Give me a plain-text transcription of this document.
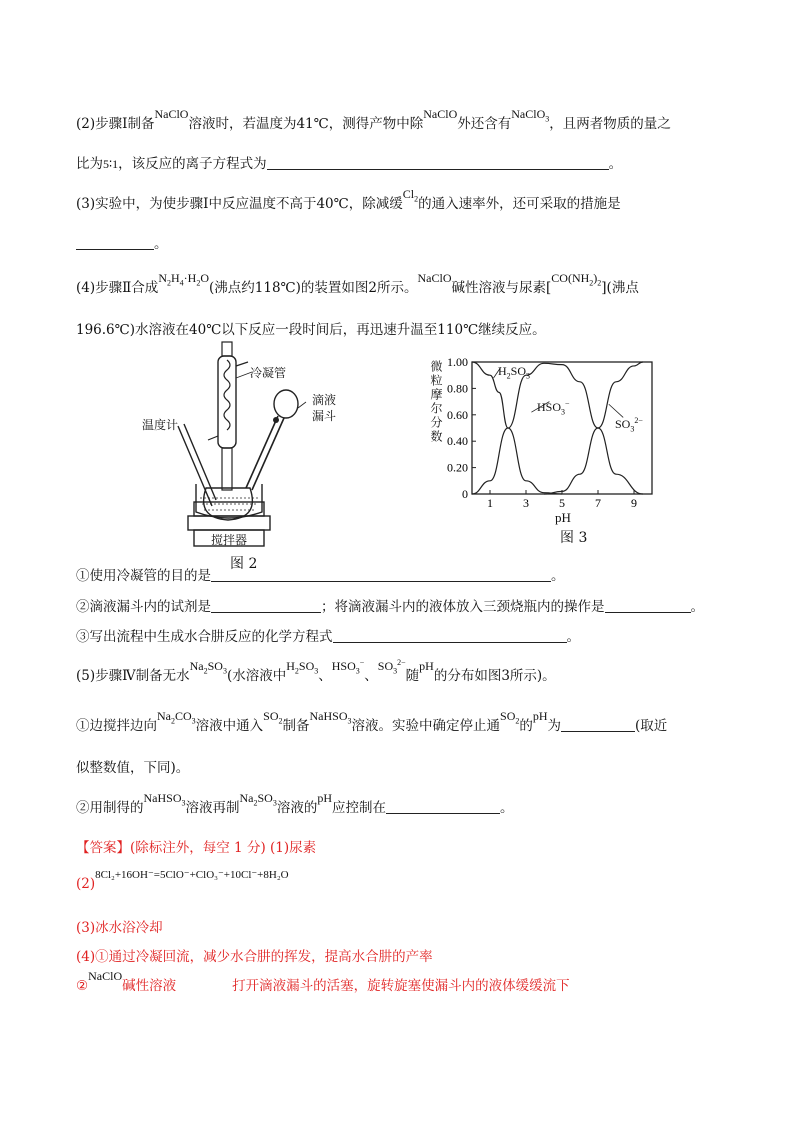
(2)步骤Ⅰ制备NaClO溶液时，若温度为41℃，测得产物中除NaClO外还含有NaClO$_3$，且两者物质的量之
比为5∶1，该反应的离子方程式为	。
(3)实验中，为使步骤Ⅰ中反应温度不高于40℃，除减缓$Cl_2$的通入速率外，还可采取的措施是
。
(4)步骤Ⅱ合成$N_2H_4\cdot H_2O$(沸点约118℃)的装置如图2所示。NaClO碱性溶液与尿素$[CO(NH_2)_2]$(沸点
196.6℃)水溶液在40℃以下反应一段时间后，再迅速升温至110℃继续反应。
冷凝管
滴液
漏斗
温度计
搅拌器
图 2
0
0.20
0.40
0.60
0.80
1.00
1	3	5	7	9
微粒摩尔分数
pH
图 3
$H_2SO_3$
$HSO_3^-$
$SO_3^{2-}$
①使用冷凝管的目的是	。
②滴液漏斗内的试剂是	；将滴液漏斗内的液体放入三颈烧瓶内的操作是	。
③写出流程中生成水合肼反应的化学方程式	。
(5)步骤Ⅳ制备无水$Na_2SO_3$(水溶液中$H_2SO_3$、$HSO_3^-$、$SO_3^{2-}$随pH的分布如图3所示)。
①边搅拌边向$Na_2CO_3$溶液中通入$SO_2$制备NaHSO$_3$溶液。实验中确定停止通$SO_2$的pH为	(取近
似整数值，下同)。
②用制得的NaHSO$_3$溶液再制$Na_2SO_3$溶液的pH应控制在	。
【答案】(除标注外，每空 1 分) (1)尿素
$(2)^{8Cl_2+16OH^-=5ClO^-+ClO_3^-+10Cl^-+8H_2O}$
(3)冰水浴冷却
(4)①通过冷凝回流，减少水合肼的挥发，提高水合肼的产率
②NaClO碱性溶液	打开滴液漏斗的活塞，旋转旋塞使漏斗内的液体缓缓流下
